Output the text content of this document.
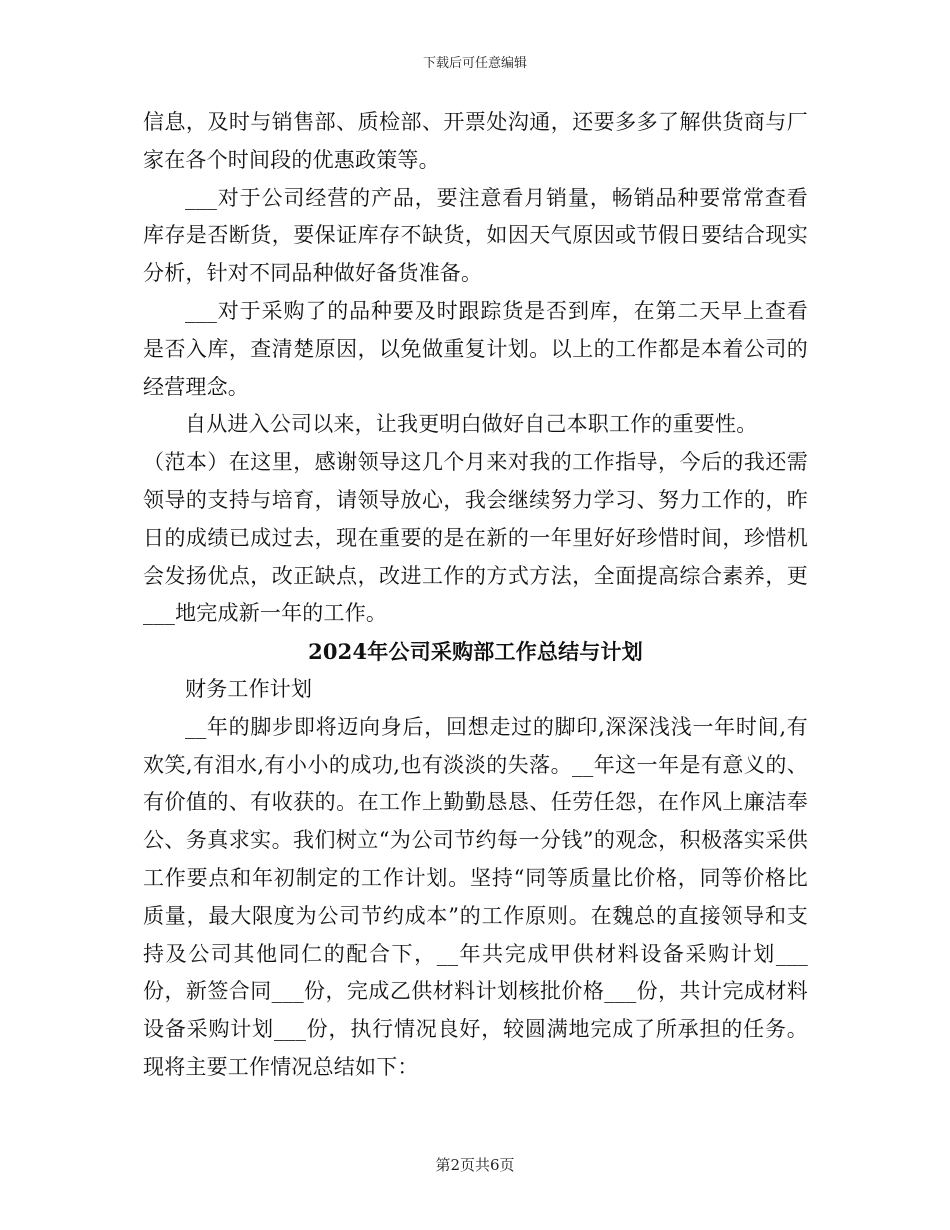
下载后可任意编辑

信息，及时与销售部、质检部、开票处沟通，还要多多了解供货商与厂家在各个时间段的优惠政策等。

___对于公司经营的产品，要注意看月销量，畅销品种要常常查看库存是否断货，要保证库存不缺货，如因天气原因或节假日要结合现实分析，针对不同品种做好备货准备。

___对于采购了的品种要及时跟踪货是否到库，在第二天早上查看是否入库，查清楚原因，以免做重复计划。以上的工作都是本着公司的经营理念。

自从进入公司以来，让我更明白做好自己本职工作的重要性。

（范本）在这里，感谢领导这几个月来对我的工作指导，今后的我还需领导的支持与培育，请领导放心，我会继续努力学习、努力工作的，昨日的成绩已成过去，现在重要的是在新的一年里好好珍惜时间，珍惜机会发扬优点，改正缺点，改进工作的方式方法，全面提高综合素养，更___地完成新一年的工作。

2024年公司采购部工作总结与计划

财务工作计划

__年的脚步即将迈向身后，回想走过的脚印,深深浅浅一年时间,有欢笑,有泪水,有小小的成功,也有淡淡的失落。__年这一年是有意义的、有价值的、有收获的。在工作上勤勤恳恳、任劳任怨，在作风上廉洁奉公、务真求实。我们树立“为公司节约每一分钱”的观念，积极落实采供工作要点和年初制定的工作计划。坚持“同等质量比价格，同等价格比质量，最大限度为公司节约成本”的工作原则。在魏总的直接领导和支持及公司其他同仁的配合下，__年共完成甲供材料设备采购计划___份，新签合同___份，完成乙供材料计划核批价格___份，共计完成材料设备采购计划___份，执行情况良好，较圆满地完成了所承担的任务。现将主要工作情况总结如下：

第2页共6页
